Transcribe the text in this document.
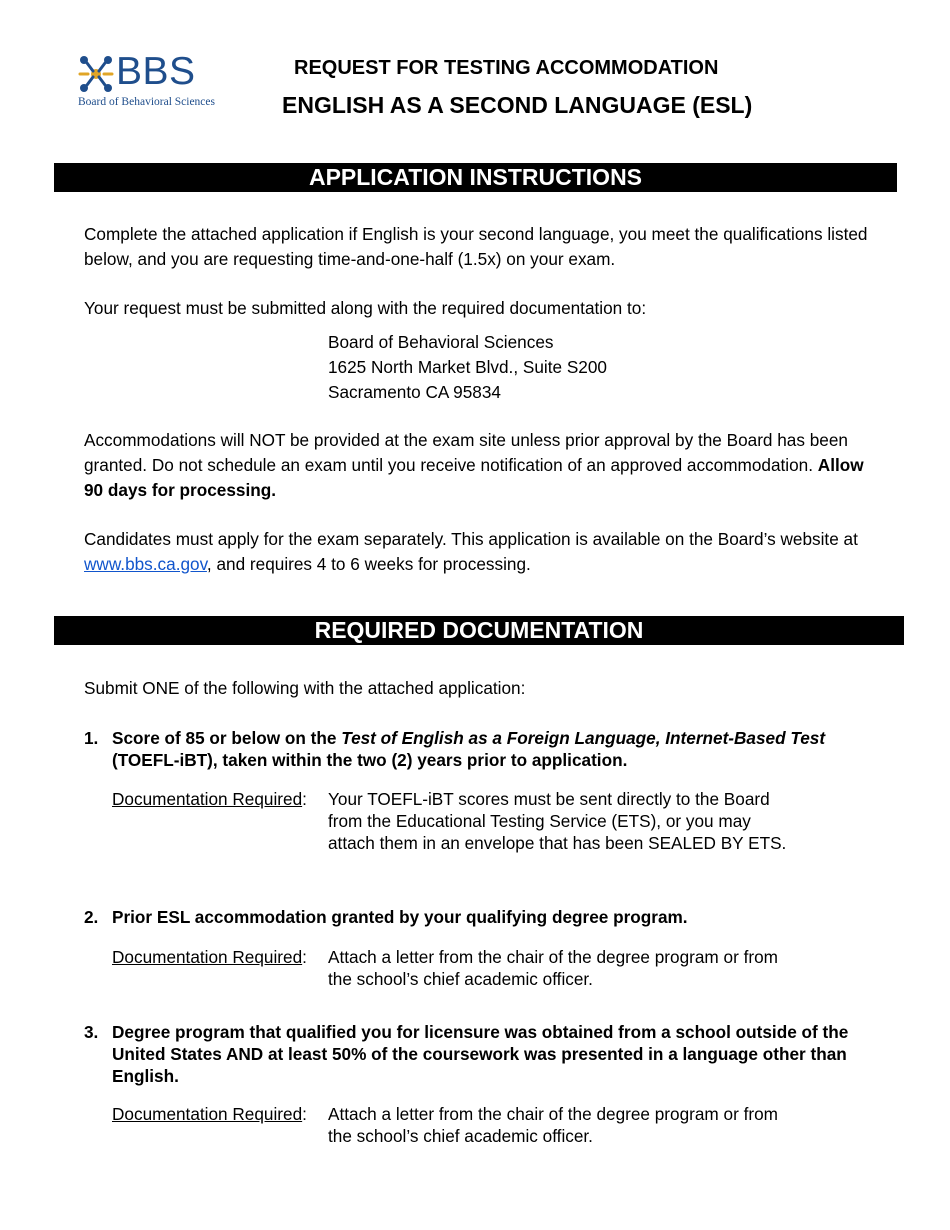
BBS
Board of Behavioral Sciences
REQUEST FOR TESTING ACCOMMODATION
ENGLISH AS A SECOND LANGUAGE (ESL)
APPLICATION INSTRUCTIONS
Complete the attached application if English is your second language, you meet the qualifications listed below, and you are requesting time-and-one-half (1.5x) on your exam.
Your request must be submitted along with the required documentation to:
Board of Behavioral Sciences
1625 North Market Blvd., Suite S200
Sacramento CA 95834
Accommodations will NOT be provided at the exam site unless prior approval by the Board has been granted. Do not schedule an exam until you receive notification of an approved accommodation. Allow 90 days for processing.
Candidates must apply for the exam separately. This application is available on the Board’s website at www.bbs.ca.gov, and requires 4 to 6 weeks for processing.
REQUIRED DOCUMENTATION
Submit ONE of the following with the attached application:
1. Score of 85 or below on the Test of English as a Foreign Language, Internet-Based Test (TOEFL-iBT), taken within the two (2) years prior to application.
Documentation Required: Your TOEFL-iBT scores must be sent directly to the Board from the Educational Testing Service (ETS), or you may attach them in an envelope that has been SEALED BY ETS.
2. Prior ESL accommodation granted by your qualifying degree program.
Documentation Required: Attach a letter from the chair of the degree program or from the school’s chief academic officer.
3. Degree program that qualified you for licensure was obtained from a school outside of the United States AND at least 50% of the coursework was presented in a language other than English.
Documentation Required: Attach a letter from the chair of the degree program or from the school’s chief academic officer.
